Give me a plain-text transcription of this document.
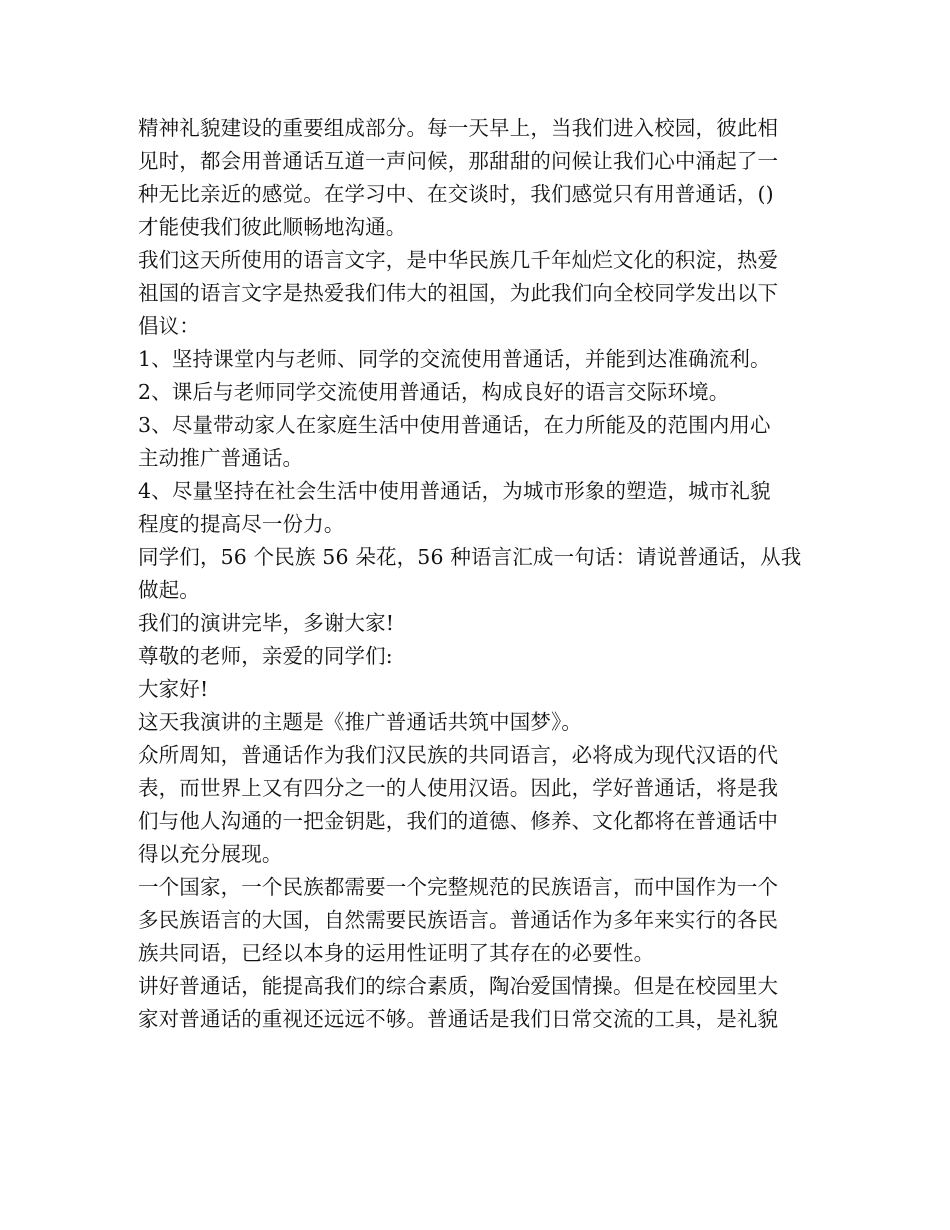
精神礼貌建设的重要组成部分。每一天早上，当我们进入校园，彼此相
见时，都会用普通话互道一声问候，那甜甜的问候让我们心中涌起了一
种无比亲近的感觉。在学习中、在交谈时，我们感觉只有用普通话，()
才能使我们彼此顺畅地沟通。
我们这天所使用的语言文字，是中华民族几千年灿烂文化的积淀，热爱
祖国的语言文字是热爱我们伟大的祖国，为此我们向全校同学发出以下
倡议：
1、坚持课堂内与老师、同学的交流使用普通话，并能到达准确流利。
2、课后与老师同学交流使用普通话，构成良好的语言交际环境。
3、尽量带动家人在家庭生活中使用普通话，在力所能及的范围内用心
主动推广普通话。
4、尽量坚持在社会生活中使用普通话，为城市形象的塑造，城市礼貌
程度的提高尽一份力。
同学们，56 个民族 56 朵花，56 种语言汇成一句话：请说普通话，从我
做起。
我们的演讲完毕，多谢大家!
尊敬的老师，亲爱的同学们:
大家好!
这天我演讲的主题是《推广普通话共筑中国梦》。
众所周知，普通话作为我们汉民族的共同语言，必将成为现代汉语的代
表，而世界上又有四分之一的人使用汉语。因此，学好普通话，将是我
们与他人沟通的一把金钥匙，我们的道德、修养、文化都将在普通话中
得以充分展现。
一个国家，一个民族都需要一个完整规范的民族语言，而中国作为一个
多民族语言的大国，自然需要民族语言。普通话作为多年来实行的各民
族共同语，已经以本身的运用性证明了其存在的必要性。
讲好普通话，能提高我们的综合素质，陶冶爱国情操。但是在校园里大
家对普通话的重视还远远不够。普通话是我们日常交流的工具，是礼貌
